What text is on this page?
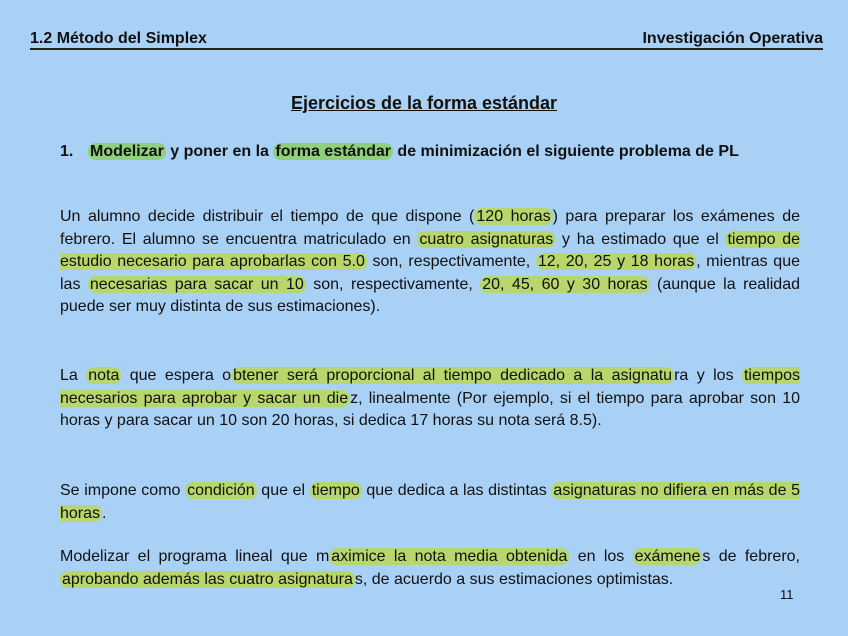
1.2 Método del Simplex	Investigación Operativa
Ejercicios de la forma estándar
1. Modelizar y poner en la forma estándar de minimización el siguiente problema de PL
Un alumno decide distribuir el tiempo de que dispone ( 120 horas ) para preparar los exámenes de febrero. El alumno se encuentra matriculado en cuatro asignaturas y ha estimado que el tiempo de estudio necesario para aprobarlas con 5.0 son, respectivamente, 12, 20, 25 y 18 horas , mientras que las necesarias para sacar un 10 son, respectivamente, 20, 45, 60 y 30 horas (aunque la realidad puede ser muy distinta de sus estimaciones).
La nota que espera o btener será proporcional al tiempo dedicado a la asignatu ra y los tiempos necesarios para aprobar y sacar un die z, linealmente (Por ejemplo, si el tiempo para aprobar son 10 horas y para sacar un 10 son 20 horas, si dedica 17 horas su nota será 8.5).
Se impone como condición que el tiempo que dedica a las distintas asignaturas no difiera en más de 5 horas .
Modelizar el programa lineal que m aximice la nota media obtenida en los exámene s de febrero, aprobando además las cuatro asignatura s, de acuerdo a sus estimaciones optimistas.
11
